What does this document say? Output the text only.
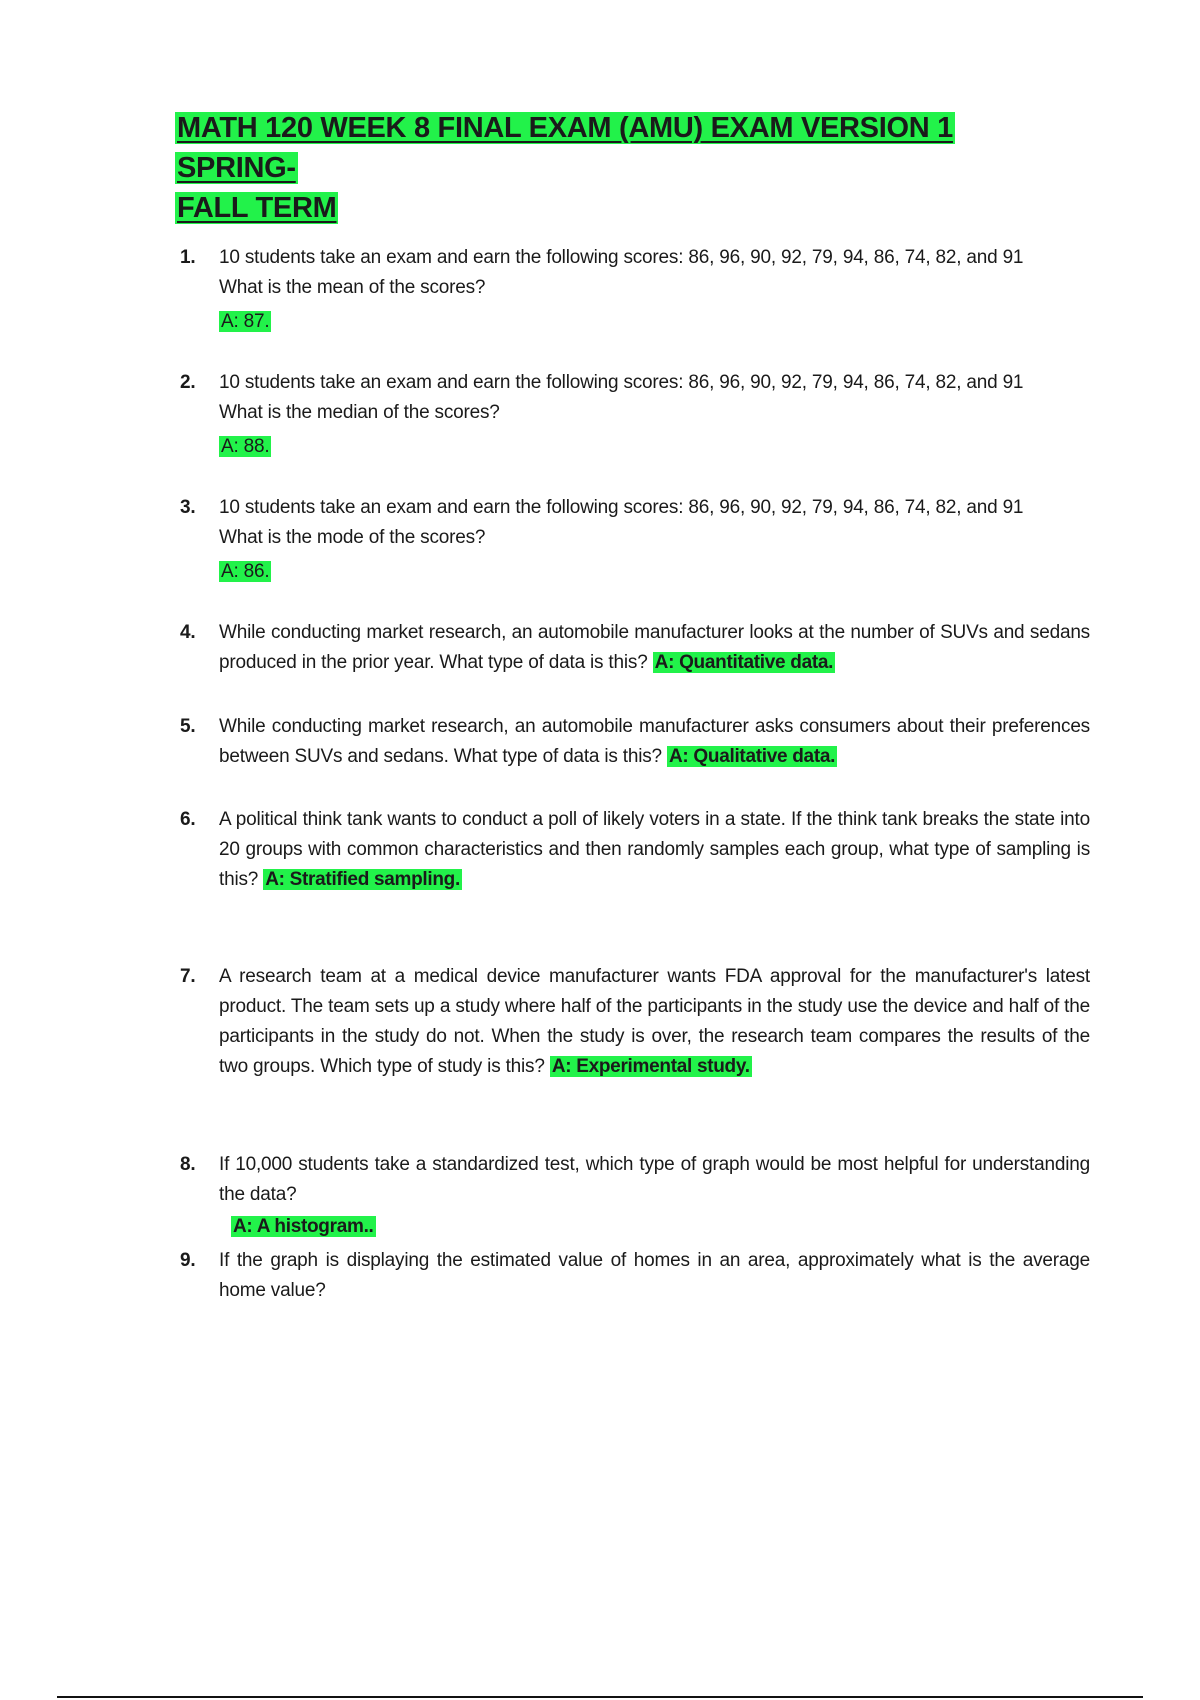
MATH 120 WEEK 8 FINAL EXAM (AMU) EXAM VERSION 1 SPRING-
FALL TERM
1.	10 students take an exam and earn the following scores: 86, 96, 90, 92, 79, 94, 86, 74, 82, and 91
What is the mean of the scores?
A: 87.
2.	10 students take an exam and earn the following scores: 86, 96, 90, 92, 79, 94, 86, 74, 82, and 91
What is the median of the scores?
A: 88.
3.	10 students take an exam and earn the following scores: 86, 96, 90, 92, 79, 94, 86, 74, 82, and 91
What is the mode of the scores?
A: 86.
4.	While conducting market research, an automobile manufacturer looks at the number of SUVs and sedans produced in the prior year. What type of data is this? A: Quantitative data.
5.	While conducting market research, an automobile manufacturer asks consumers about their preferences between SUVs and sedans. What type of data is this? A: Qualitative data.
6.	A political think tank wants to conduct a poll of likely voters in a state. If the think tank breaks the state into 20 groups with common characteristics and then randomly samples each group, what type of sampling is this? A: Stratified sampling.
7.	A research team at a medical device manufacturer wants FDA approval for the manufacturer's latest product. The team sets up a study where half of the participants in the study use the device and half of the participants in the study do not. When the study is over, the research team compares the results of the two groups. Which type of study is this? A: Experimental study.
8.	If 10,000 students take a standardized test, which type of graph would be most helpful for understanding the data?
A: A histogram..
9.	If the graph is displaying the estimated value of homes in an area, approximately what is the average home value?
